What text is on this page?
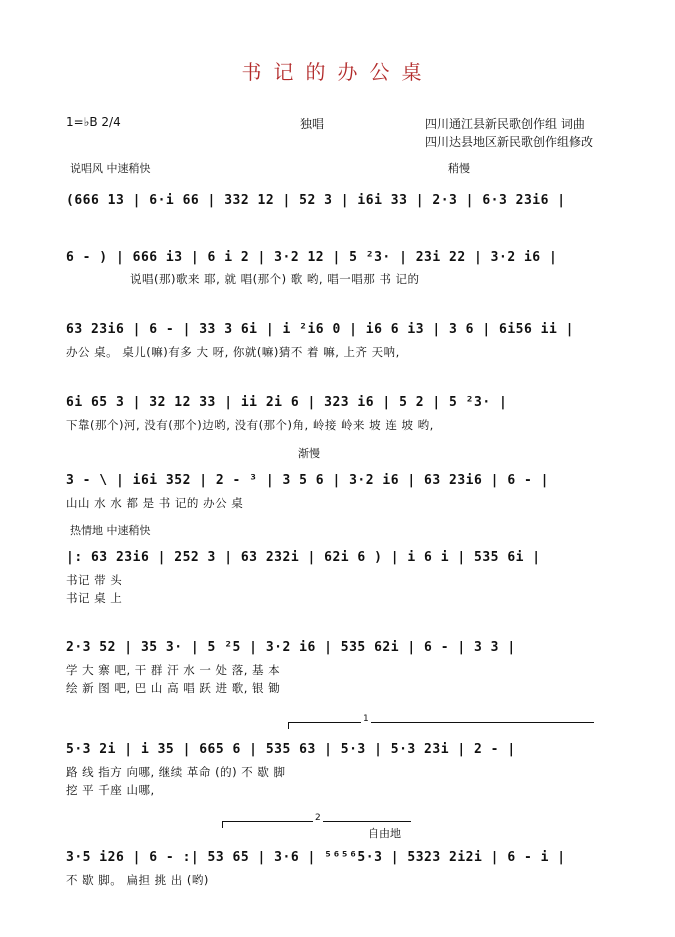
书记的办公桌
1=♭B 2/4	独唱	四川通江县新民歌创作组 词曲
四川达县地区新民歌创作组修改
说唱风 中速稍快	稍慢
(666 13 | 6·i 66 | 332 12 | 52 3 | i6i 33 | 2·3 | 6·3 23i6 |
6 - ) | 666 i3 | 6 i 2 | 3·2 12 | 5 ²3· | 23i 22 | 3·2 i6 |
说唱(那)歌来 耶, 就 唱(那个) 歌 哟, 唱一唱那 书 记的
63 23i6 | 6 - | 33 3 6i | i ²i6 0 | i6 6 i3 | 3 6 | 6i56 ii |
办公 桌。 桌儿(嘛)有多 大 呀, 你就(嘛)猜不 着 嘛, 上齐 天呐,
6i 65 3 | 32 12 33 | ii 2i 6 | 323 i6 | 5 2 | 5 ²3· |
下靠(那个)河, 没有(那个)边哟, 没有(那个)角, 岭接 岭来 坡 连 坡 哟,
渐慢
3 - \ | i6i 352 | 2 - ³ | 3 5 6 | 3·2 i6 | 63 23i6 | 6 - |
山山 水 水 都 是 书 记的 办公 桌
热情地 中速稍快
|: 63 23i6 | 252 3 | 63 232i | 62i 6 ) | i 6 i | 535 6i |
书记 带 头
书记 桌 上
2·3 52 | 35 3· | 5 ²5 | 3·2 i6 | 535 62i | 6 - | 3 3 |
学 大 寨 吧, 干 群 汗 水 一 处 落, 基 本
绘 新 图 吧, 巴 山 高 唱 跃 进 歌, 银 锄
1
5·3 2i | i 35 | 665 6 | 535 63 | 5·3 | 5·3 23i | 2 - |
路 线 指方 向哪, 继续 革命 (的) 不 歇 脚
挖 平 千座 山哪,
2
自由地
3·5 i26 | 6 - :| 53 65 | 3·6 | ⁵⁶⁵⁶5·3 | 5323 2i2i | 6 - i |
不 歇 脚。 扁担 挑 出 (哟)
